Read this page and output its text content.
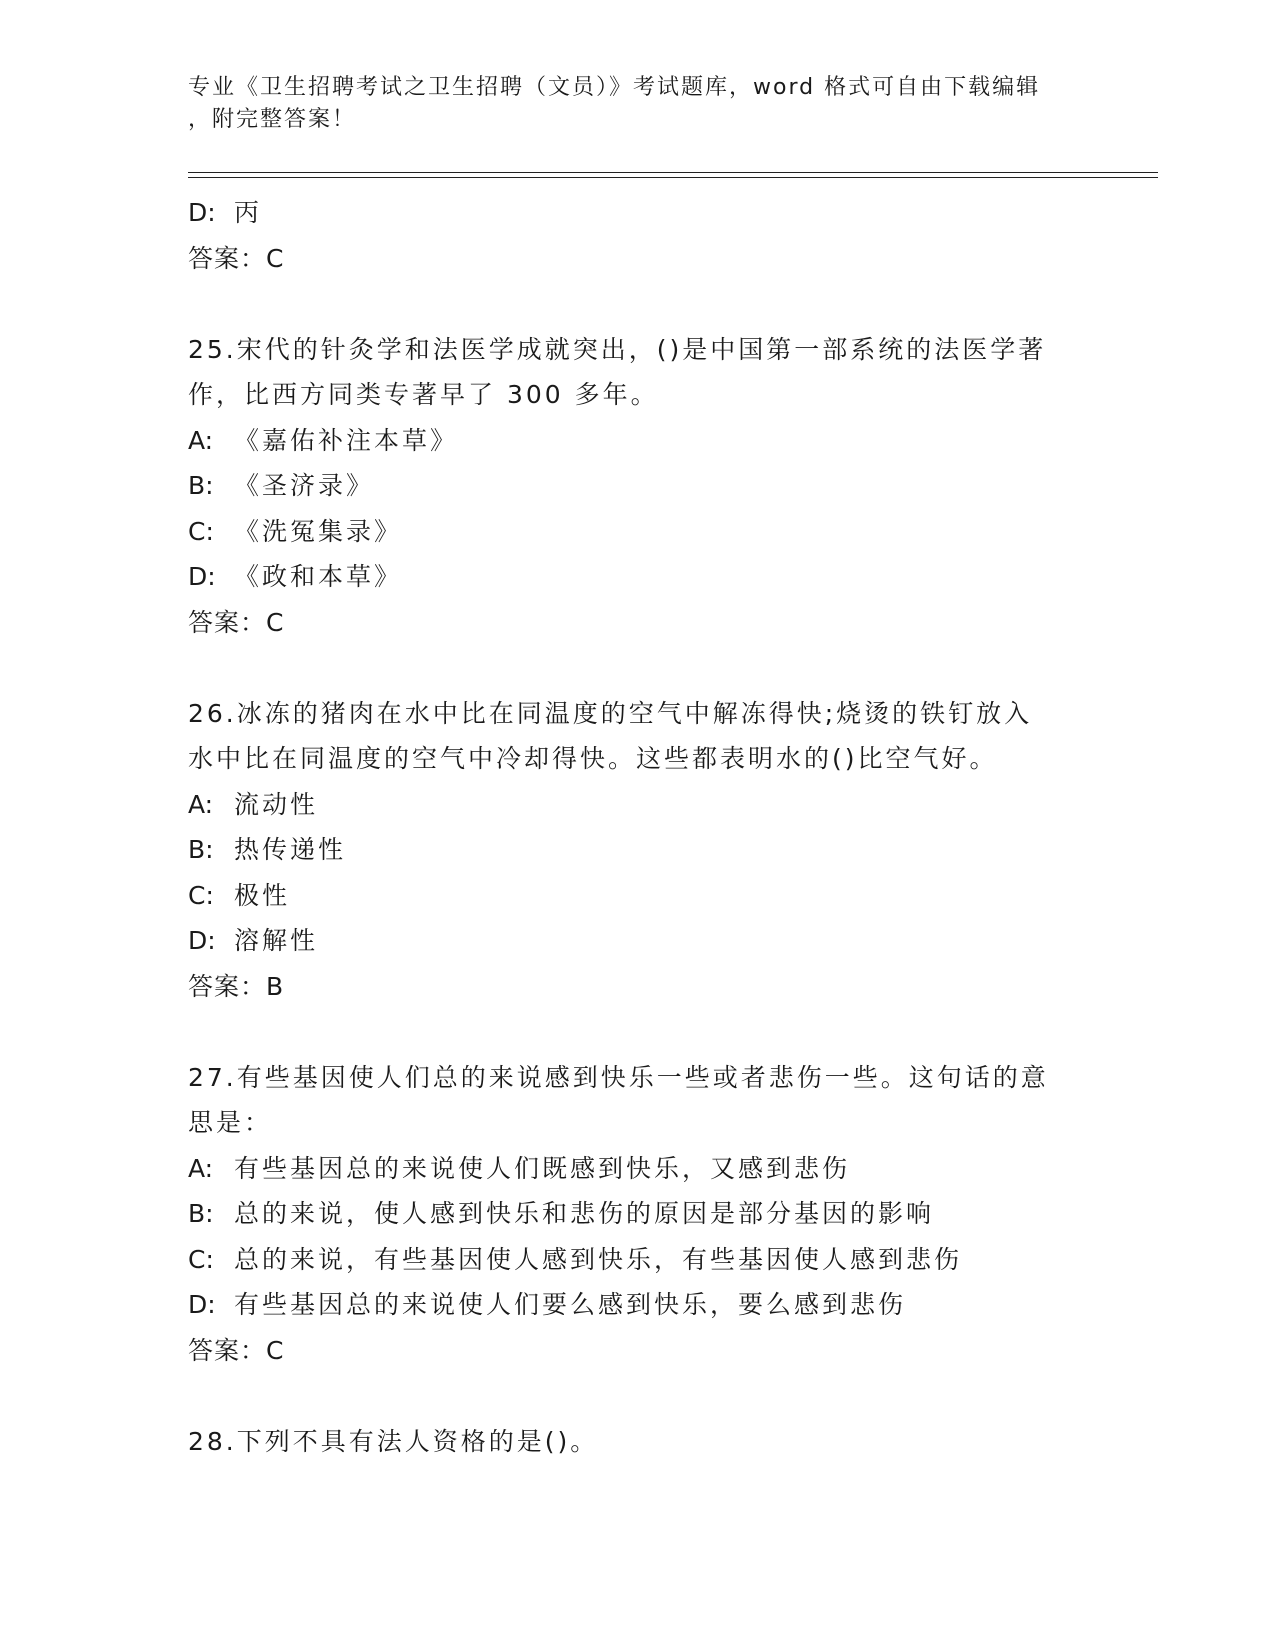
专业《卫生招聘考试之卫生招聘（文员）》考试题库，word 格式可自由下载编辑
，附完整答案！
D: 丙
答案：C
25.宋代的针灸学和法医学成就突出，()是中国第一部系统的法医学著
作，比西方同类专著早了 300 多年。
A: 《嘉佑补注本草》
B: 《圣济录》
C: 《洗冤集录》
D: 《政和本草》
答案：C
26.冰冻的猪肉在水中比在同温度的空气中解冻得快;烧烫的铁钉放入
水中比在同温度的空气中冷却得快。这些都表明水的()比空气好。
A: 流动性
B: 热传递性
C: 极性
D: 溶解性
答案：B
27.有些基因使人们总的来说感到快乐一些或者悲伤一些。这句话的意
思是：
A: 有些基因总的来说使人们既感到快乐，又感到悲伤
B: 总的来说，使人感到快乐和悲伤的原因是部分基因的影响
C: 总的来说，有些基因使人感到快乐，有些基因使人感到悲伤
D: 有些基因总的来说使人们要么感到快乐，要么感到悲伤
答案：C
28.下列不具有法人资格的是()。
